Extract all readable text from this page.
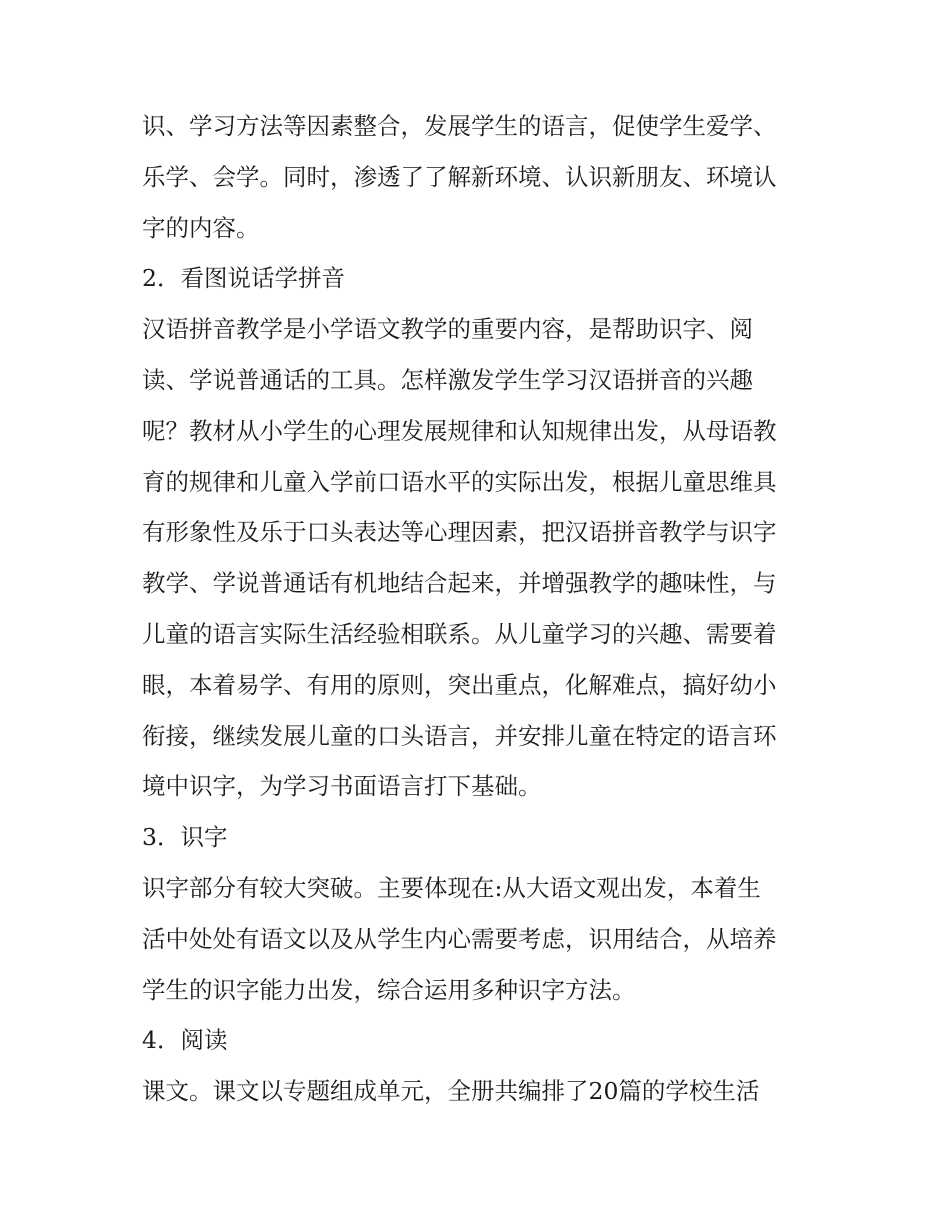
识、学习方法等因素整合，发展学生的语言，促使学生爱学、
乐学、会学。同时，渗透了了解新环境、认识新朋友、环境认
字的内容。
2．看图说话学拼音
汉语拼音教学是小学语文教学的重要内容，是帮助识字、阅
读、学说普通话的工具。怎样激发学生学习汉语拼音的兴趣
呢？教材从小学生的心理发展规律和认知规律出发，从母语教
育的规律和儿童入学前口语水平的实际出发，根据儿童思维具
有形象性及乐于口头表达等心理因素，把汉语拼音教学与识字
教学、学说普通话有机地结合起来，并增强教学的趣味性，与
儿童的语言实际生活经验相联系。从儿童学习的兴趣、需要着
眼，本着易学、有用的原则，突出重点，化解难点，搞好幼小
衔接，继续发展儿童的口头语言，并安排儿童在特定的语言环
境中识字，为学习书面语言打下基础。
3．识字
识字部分有较大突破。主要体现在:从大语文观出发，本着生
活中处处有语文以及从学生内心需要考虑，识用结合，从培养
学生的识字能力出发，综合运用多种识字方法。
4．阅读
课文。课文以专题组成单元，全册共编排了20篇的学校生活
